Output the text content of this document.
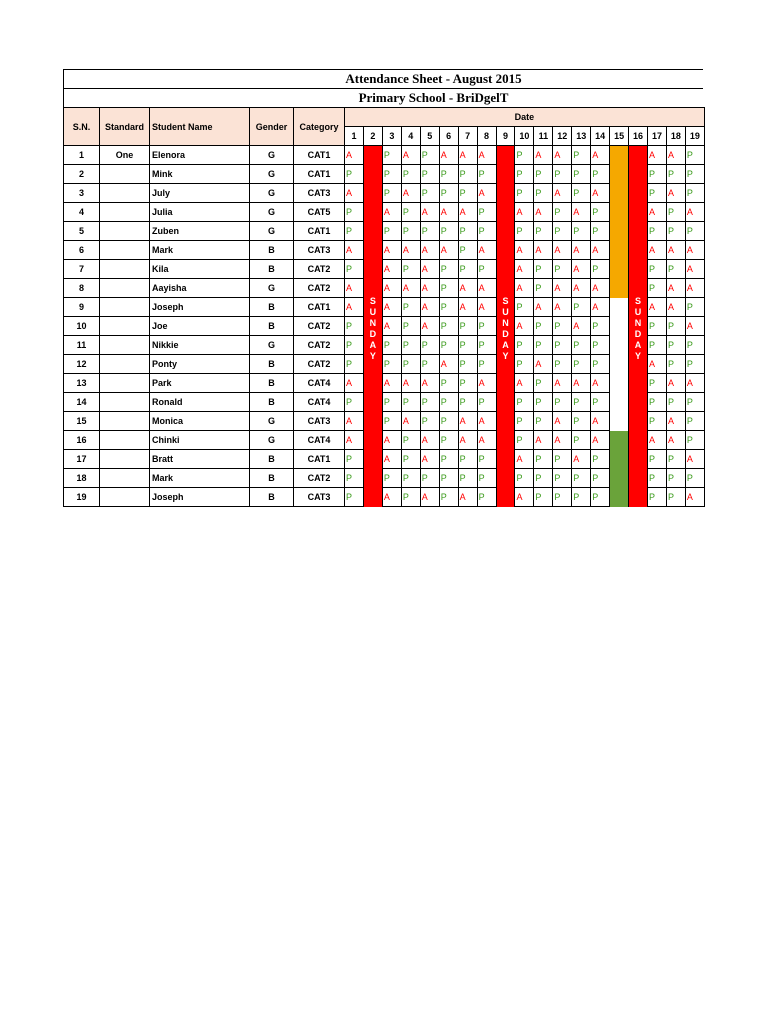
Attendance Sheet - August 2015
Primary School - BriDgelT
S.N.	Standard	Student Name	Gender	Category	Date																		
					1	2	3	4	5	6	7	8	9	10	11	12	13	14	15	16	17	18	19
1	One	Elenora	G	CAT1	A		P	A	P	A	A	A		P	A	A	P	A			A	A	P
2		Mink	G	CAT1	P		P	P	P	P	P	P		P	P	P	P	P			P	P	P
3		July	G	CAT3	A		P	A	P	P	P	A		P	P	A	P	A			P	A	P
4		Julia	G	CAT5	P		A	P	A	A	A	P		A	A	P	A	P			A	P	A
5		Zuben	G	CAT1	P		P	P	P	P	P	P		P	P	P	P	P			P	P	P
6		Mark	B	CAT3	A		A	A	A	A	P	A		A	A	A	A	A			A	A	A
7		Kila	B	CAT2	P		A	P	A	P	P	P		A	P	P	A	P			P	P	A
8		Aayisha	G	CAT2	A		A	A	A	P	A	A		A	P	A	A	A			P	A	A
9		Joseph	B	CAT1	A		A	P	A	P	A	A		P	A	A	P	A			A	A	P
10		Joe	B	CAT2	P		A	P	A	P	P	P		A	P	P	A	P			P	P	A
11		Nikkie	G	CAT2	P		P	P	P	P	P	P		P	P	P	P	P			P	P	P
12		Ponty	B	CAT2	P		P	P	P	A	P	P		P	A	P	P	P			A	P	P
13		Park	B	CAT4	A		A	A	A	P	P	A		A	P	A	A	A			P	A	A
14		Ronald	B	CAT4	P		P	P	P	P	P	P		P	P	P	P	P			P	P	P
15		Monica	G	CAT3	A		P	A	P	P	A	A		P	P	A	P	A			P	A	P
16		Chinki	G	CAT4	A		A	P	A	P	A	A		P	A	A	P	A			A	A	P
17		Bratt	B	CAT1	P		A	P	A	P	P	P		A	P	P	A	P			P	P	A
18		Mark	B	CAT2	P		P	P	P	P	P	P		P	P	P	P	P			P	P	P
19		Joseph	B	CAT3	P		A	P	A	P	A	P		A	P	P	P	P			P	P	A
S
U
N
D
A
Y
S
U
N
D
A
Y
S
U
N
D
A
Y
